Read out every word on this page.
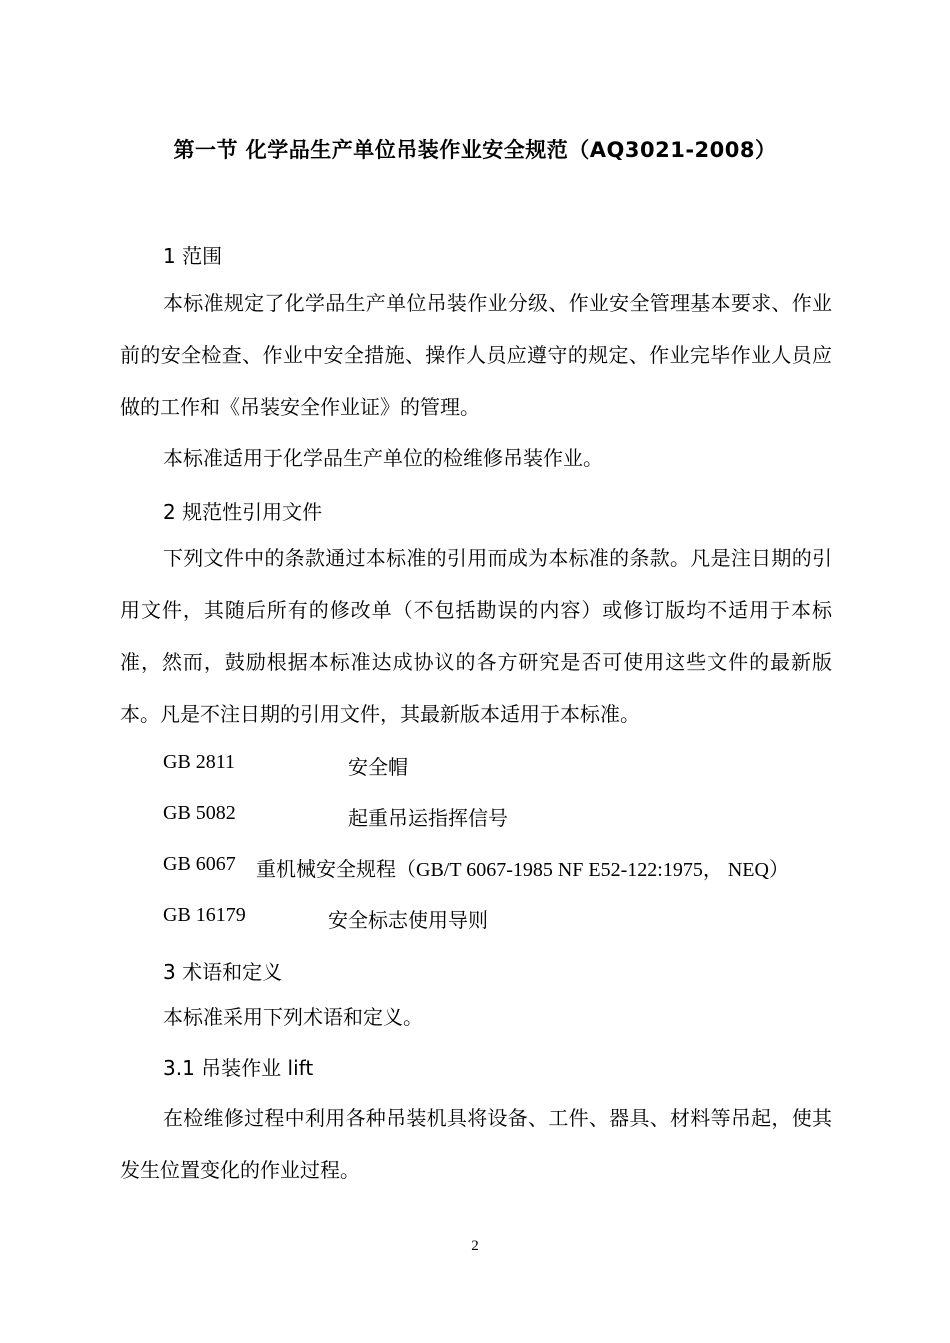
第一节 化学品生产单位吊装作业安全规范（AQ3021-2008）
1 范围
本标准规定了化学品生产单位吊装作业分级、作业安全管理基本要求、作业前的安全检查、作业中安全措施、操作人员应遵守的规定、作业完毕作业人员应做的工作和《吊装安全作业证》的管理。
本标准适用于化学品生产单位的检维修吊装作业。
2 规范性引用文件
下列文件中的条款通过本标准的引用而成为本标准的条款。凡是注日期的引用文件，其随后所有的修改单（不包括勘误的内容）或修订版均不适用于本标准，然而，鼓励根据本标准达成协议的各方研究是否可使用这些文件的最新版本。凡是不注日期的引用文件，其最新版本适用于本标准。
GB 2811	安全帽
GB 5082	起重吊运指挥信号
GB 6067 重机械安全规程（GB/T 6067-1985 NF E52-122:1975， NEQ）
GB 16179	安全标志使用导则
3 术语和定义
本标准采用下列术语和定义。
3.1 吊装作业 lift
在检维修过程中利用各种吊装机具将设备、工件、器具、材料等吊起，使其发生位置变化的作业过程。
2
